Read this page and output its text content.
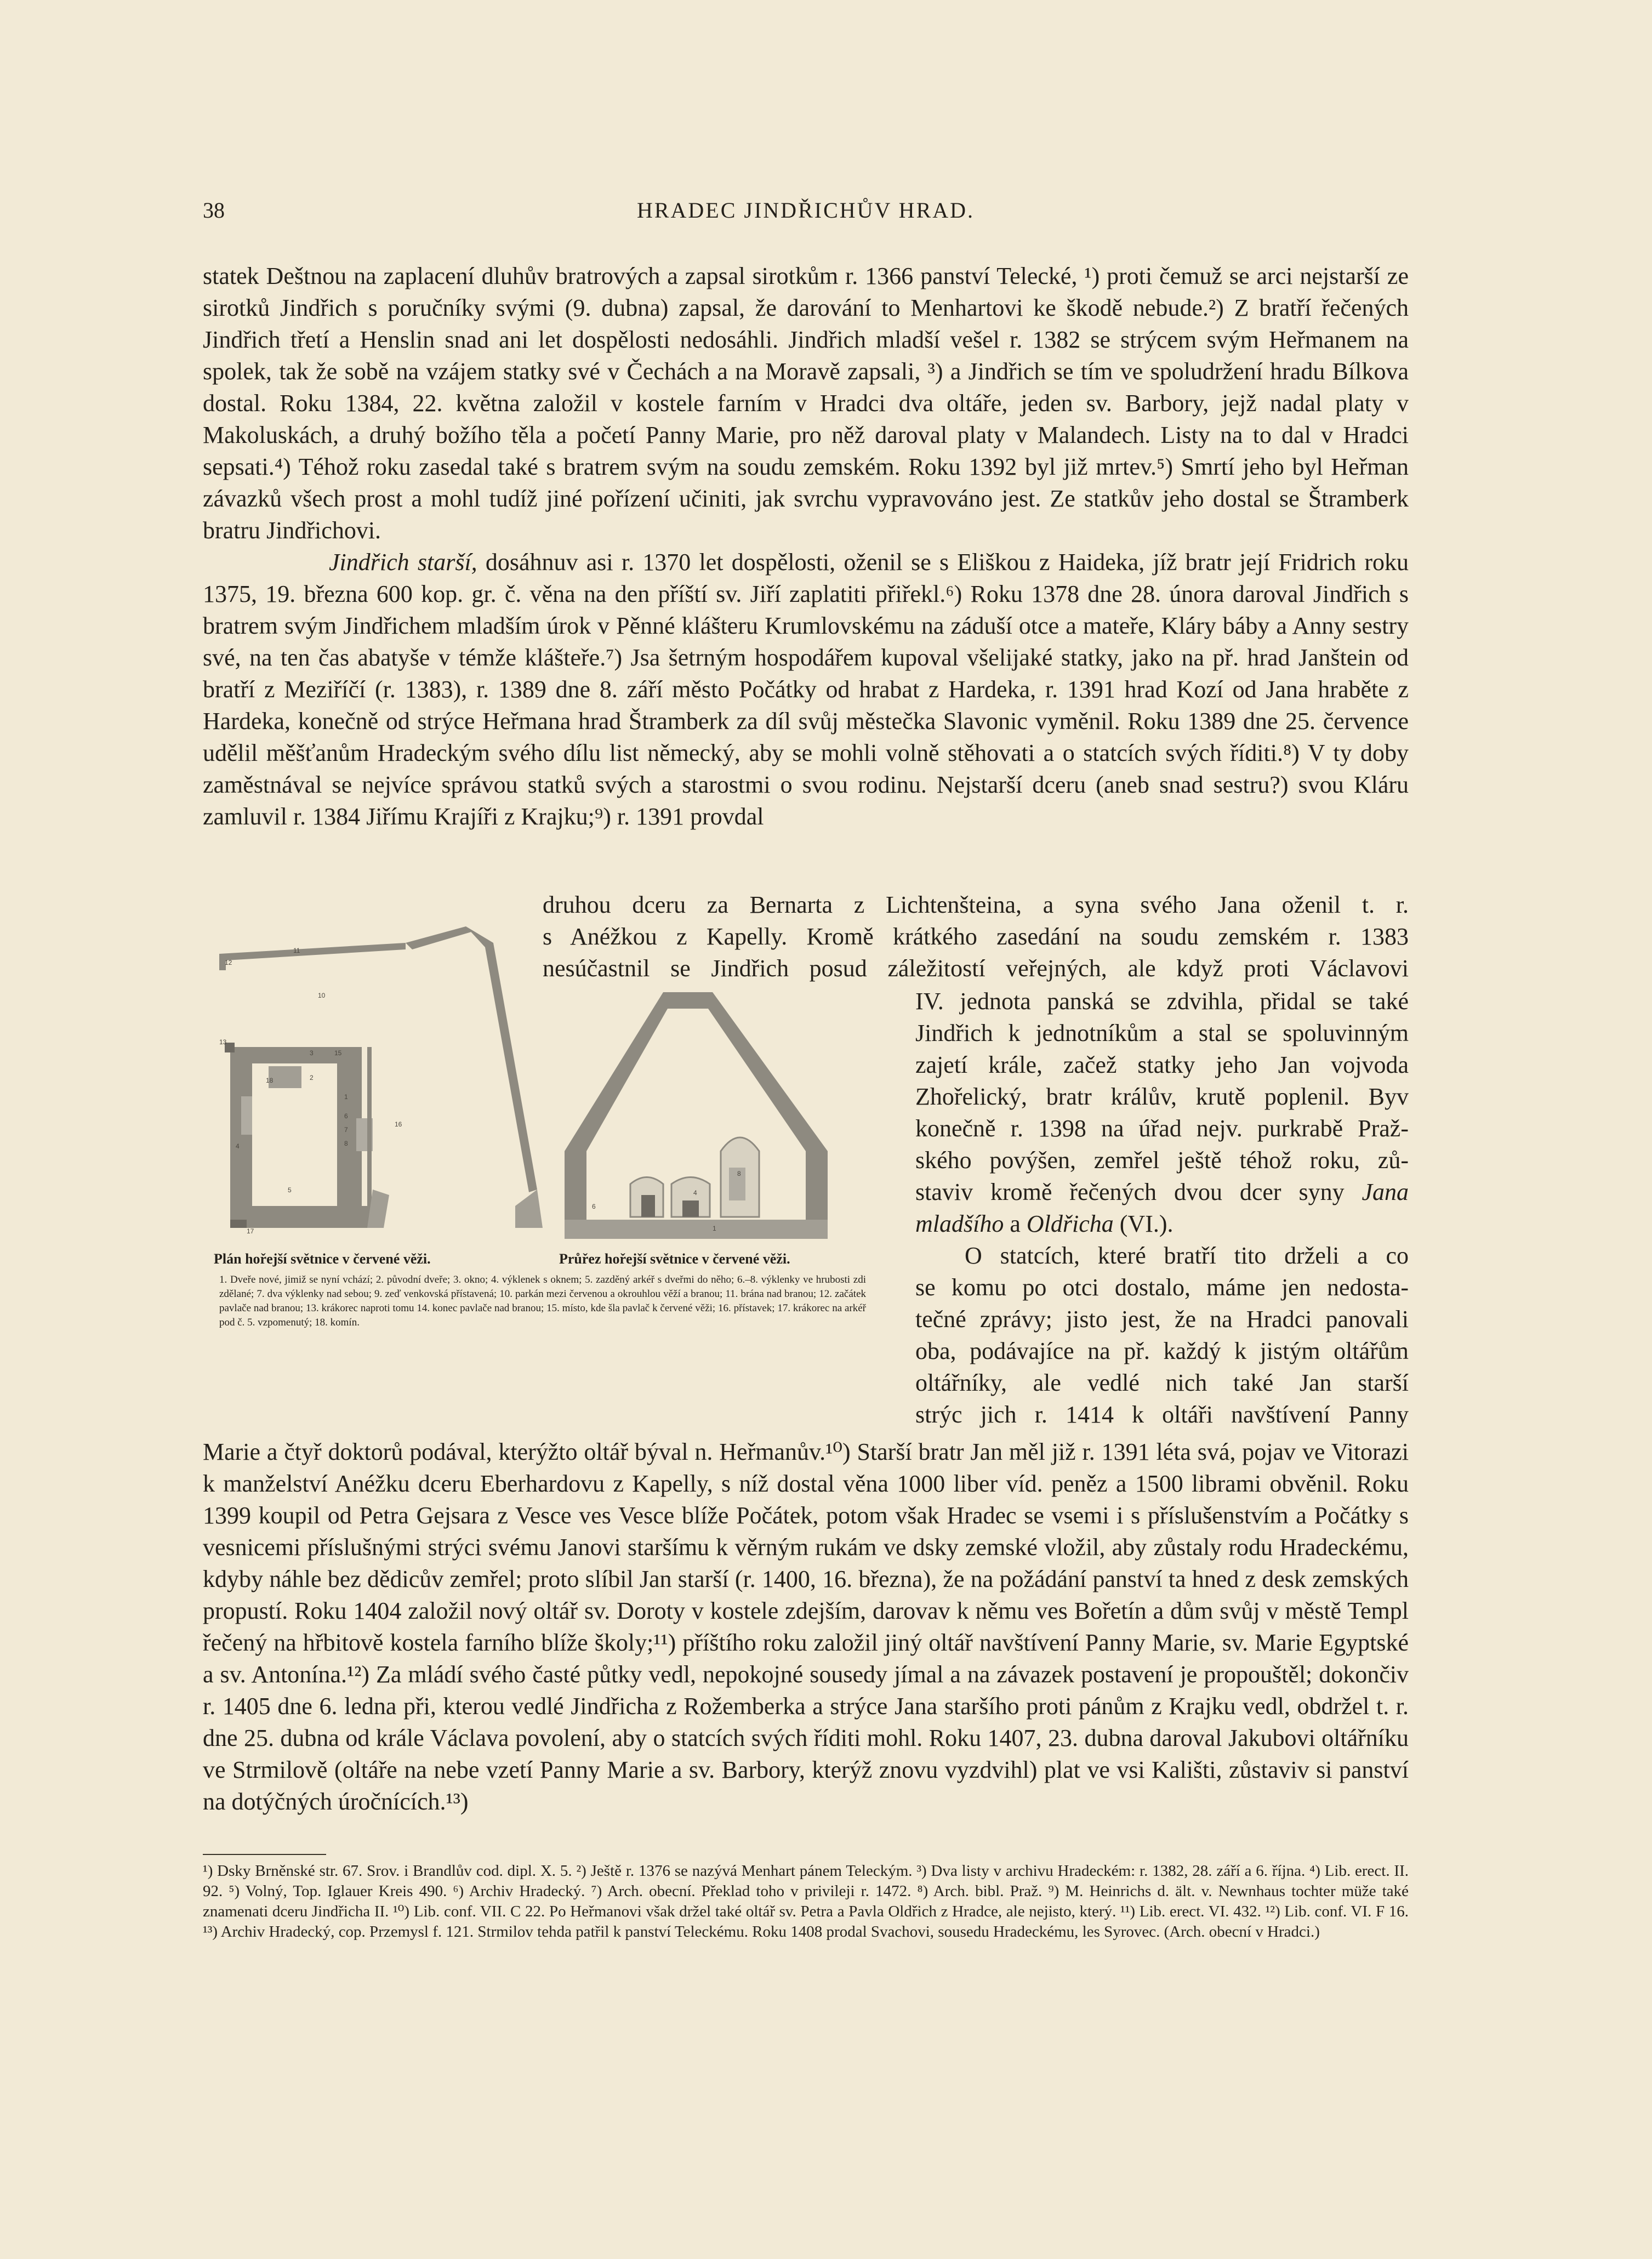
38	HRADEC JINDŘICHŮV HRAD.

statek Deštnou na zaplacení dluhův bratrových a zapsal sirotkům r. 1366 panství Telecké, ¹) proti čemuž se arci nejstarší ze sirotků Jindřich s poručníky svými (9. dubna) zapsal, že darování to Menhartovi ke škodě nebude.²) Z bratří řečených Jindřich třetí a Henslin snad ani let dospělosti nedosáhli. Jindřich mladší vešel r. 1382 se strýcem svým Heřmanem na spolek, tak že sobě na vzájem statky své v Čechách a na Moravě zapsali, ³) a Jindřich se tím ve spoludržení hradu Bílkova dostal. Roku 1384, 22. května založil v kostele farním v Hradci dva oltáře, jeden sv. Barbory, jejž nadal platy v Makoluskách, a druhý božího těla a početí Panny Marie, pro něž daroval platy v Malandech. Listy na to dal v Hradci sepsati.⁴) Téhož roku zasedal také s bratrem svým na soudu zemském. Roku 1392 byl již mrtev.⁵) Smrtí jeho byl Heřman závazků všech prost a mohl tudíž jiné pořízení učiniti, jak svrchu vypravováno jest. Ze statkův jeho dostal se Štramberk bratru Jindřichovi.

Jindřich starší, dosáhnuv asi r. 1370 let dospělosti, oženil se s Eliškou z Haideka, jíž bratr její Fridrich roku 1375, 19. března 600 kop. gr. č. věna na den příští sv. Jiří zaplatiti přiřekl.⁶) Roku 1378 dne 28. února daroval Jindřich s bratrem svým Jindřichem mladším úrok v Pěnné klášteru Krumlovskému na záduší otce a mateře, Kláry báby a Anny sestry své, na ten čas abatyše v témže klášteře.⁷) Jsa šetrným hospodářem kupoval všelijaké statky, jako na př. hrad Janštein od bratří z Meziříčí (r. 1383), r. 1389 dne 8. září město Počátky od hrabat z Hardeka, r. 1391 hrad Kozí od Jana hraběte z Hardeka, konečně od strýce Heřmana hrad Štramberk za díl svůj městečka Slavonic vyměnil. Roku 1389 dne 25. července udělil měšťanům Hradeckým svého dílu list německý, aby se mohli volně stěhovati a o statcích svých říditi.⁸) V ty doby zaměstnával se nejvíce správou statků svých a starostmi o svou rodinu. Nejstarší dceru (aneb snad sestru?) svou Kláru zamluvil r. 1384 Jiřímu Krajíři z Krajku;⁹) r. 1391 provdal

druhou dceru za Bernarta z Lichtenšteina, a syna svého Jana oženil t. r.
s Anéžkou z Kapelly. Kromě krátkého zasedání na soudu zemském r. 1383
nesúčastnil se Jindřich posud záležitostí veřejných, ale když proti Václavovi
IV. jednota panská se zdvihla, přidal se také
Jindřich k jednotníkům a stal se spoluvinným
zajetí krále, začež statky jeho Jan vojvoda
Zhořelický, bratr králův, krutě poplenil. Byv
konečně r. 1398 na úřad nejv. purkrabě Praž-
ského povýšen, zemřel ještě téhož roku, zů-
staviv kromě řečených dvou dcer syny Jana
mladšího a Oldřicha (VI.).
O statcích, které bratří tito drželi a co
se komu po otci dostalo, máme jen nedosta-
tečné zprávy; jisto jest, že na Hradci panovali
oba, podávajíce na př. každý k jistým oltářům
oltářníky, ale vedlé nich také Jan starší
strýc jich r. 1414 k oltáři navštívení Panny
11
12
10
13
3	15
18	2
1
6
7
16
8
4
5
17
6
4
1
8
Plán hořejší světnice v červené věži.	Průřez hořejší světnice v červené věži.
1. Dveře nové, jimiž se nyní vchází; 2. původní dveře; 3. okno; 4. výklenek s oknem; 5. zazděný arkéř s dveřmi do něho; 6.–8. výklenky ve hrubosti zdi zdělané; 7. dva výklenky nad sebou; 9. zeď venkovská přístavená; 10. parkán mezi červenou a okrouhlou věží a branou; 11. brána nad branou; 12. začátek pavlače nad branou; 13. krákorec naproti tomu 14. konec pavlače nad branou; 15. místo, kde šla pavlač k červené věži; 16. přístavek; 17. krákorec na arkéř pod č. 5. vzpomenutý; 18. komín.

Marie a čtyř doktorů podával, kterýžto oltář býval n. Heřmanův.¹⁰) Starší bratr Jan měl již r. 1391 léta svá, pojav ve Vitorazi k manželství Anéžku dceru Eberhardovu z Kapelly, s níž dostal věna 1000 liber víd. peněz a 1500 librami obvěnil. Roku 1399 koupil od Petra Gejsara z Vesce ves Vesce blíže Počátek, potom však Hradec se vsemi i s příslušenstvím a Počátky s vesnicemi příslušnými strýci svému Janovi staršímu k věrným rukám ve dsky zemské vložil, aby zůstaly rodu Hradeckému, kdyby náhle bez dědicův zemřel; proto slíbil Jan starší (r. 1400, 16. března), že na požádání panství ta hned z desk zemských propustí. Roku 1404 založil nový oltář sv. Doroty v kostele zdejším, darovav k němu ves Bořetín a dům svůj v městě Templ řečený na hřbitově kostela farního blíže školy;¹¹) příštího roku založil jiný oltář navštívení Panny Marie, sv. Marie Egyptské a sv. Antonína.¹²) Za mládí svého časté půtky vedl, nepokojné sousedy jímal a na závazek postavení je propouštěl; dokončiv r. 1405 dne 6. ledna při, kterou vedlé Jindřicha z Rožemberka a strýce Jana staršího proti pánům z Krajku vedl, obdržel t. r. dne 25. dubna od krále Václava povolení, aby o statcích svých říditi mohl. Roku 1407, 23. dubna daroval Jakubovi oltářníku ve Strmilově (oltáře na nebe vzetí Panny Marie a sv. Barbory, kterýž znovu vyzdvihl) plat ve vsi Kališti, zůstaviv si panství na dotýčných úročnících.¹³)

¹) Dsky Brněnské str. 67. Srov. i Brandlův cod. dipl. X. 5. ²) Ještě r. 1376 se nazývá Menhart pánem Teleckým. ³) Dva listy v archivu Hradeckém: r. 1382, 28. září a 6. října. ⁴) Lib. erect. II. 92. ⁵) Volný, Top. Iglauer Kreis 490. ⁶) Archiv Hradecký. ⁷) Arch. obecní. Překlad toho v privileji r. 1472. ⁸) Arch. bibl. Praž. ⁹) M. Heinrichs d. ält. v. Newnhaus tochter müže také znamenati dceru Jindřicha II. ¹⁰) Lib. conf. VII. C 22. Po Heřmanovi však držel také oltář sv. Petra a Pavla Oldřich z Hradce, ale nejisto, který. ¹¹) Lib. erect. VI. 432. ¹²) Lib. conf. VI. F 16. ¹³) Archiv Hradecký, cop. Przemysl f. 121. Strmilov tehda patřil k panství Teleckému. Roku 1408 prodal Svachovi, sousedu Hradeckému, les Syrovec. (Arch. obecní v Hradci.)
